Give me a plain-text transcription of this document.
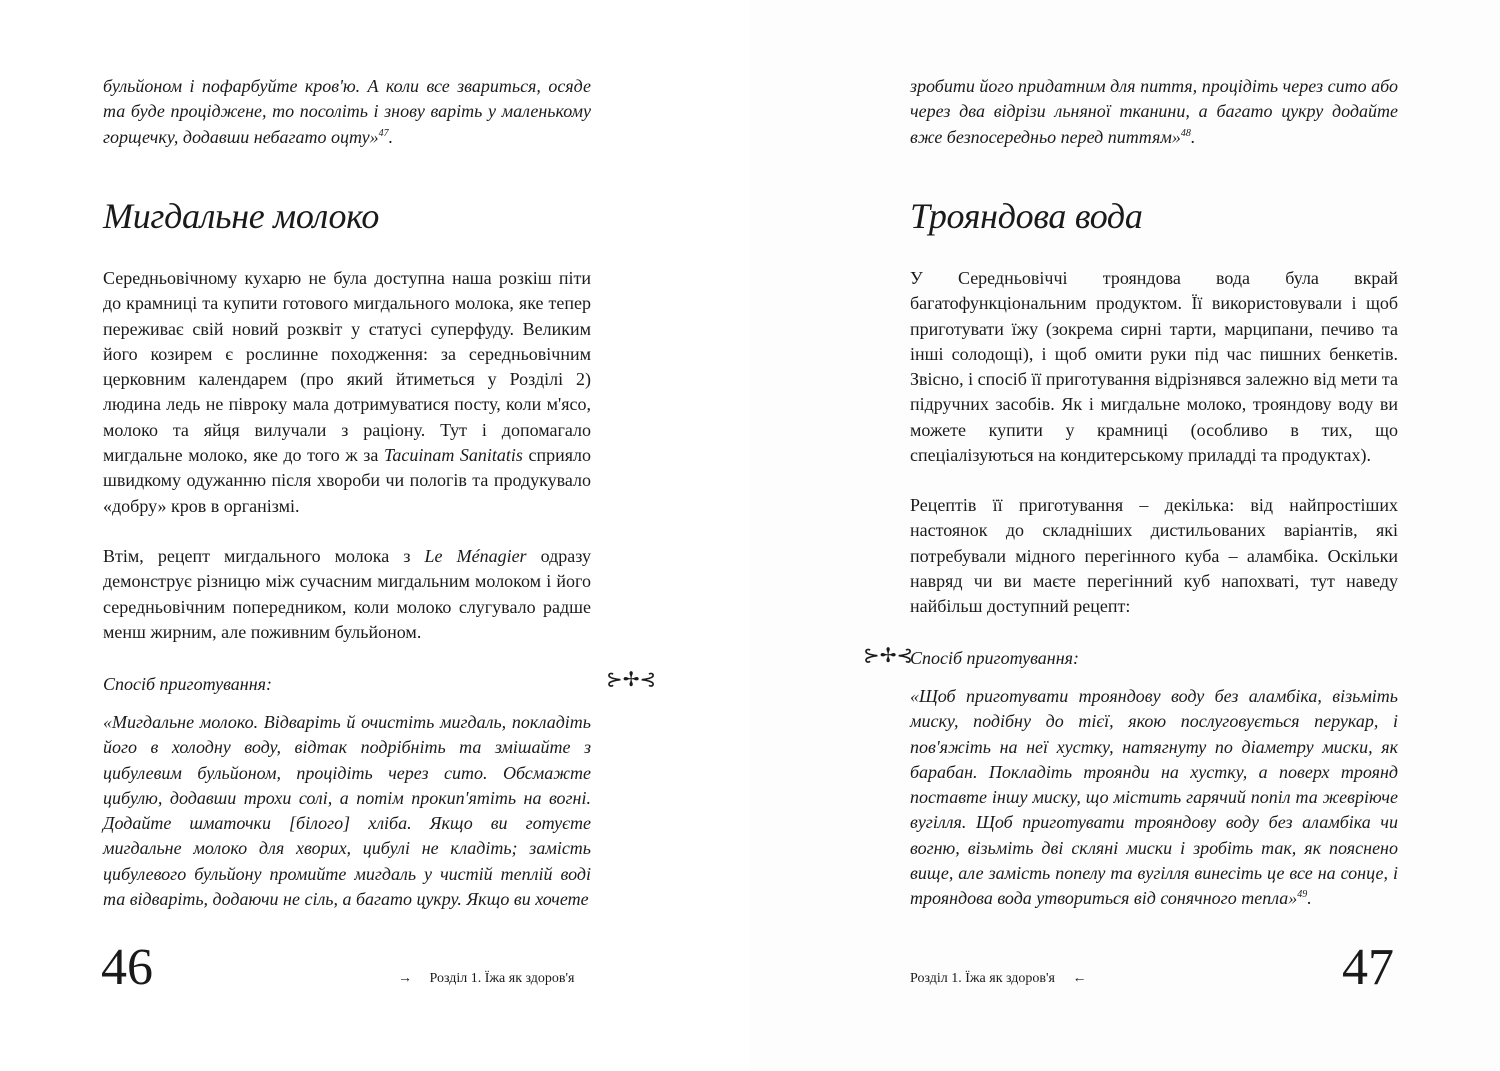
бульйоном і пофарбуйте кров'ю. А коли все звариться, осяде та буде проціджене, то посоліть і знову варіть у маленькому горщечку, додавши небагато оцту»$^{47}$.

Мигдальне молоко

Середньовічному кухарю не була доступна наша розкіш піти до крамниці та купити готового мигдального молока, яке тепер переживає свій новий розквіт у статусі суперфуду. Великим його козирем є рослинне походження: за середньовічним церковним календарем (про який йтиметься у Розділі 2) людина ледь не півроку мала дотримуватися посту, коли м'ясо, молоко та яйця вилучали з раціону. Тут і допомагало мигдальне молоко, яке до того ж за Tacuinam Sanitatis сприяло швидкому одужанню після хвороби чи пологів та продукувало «добру» кров в організмі.

Втім, рецепт мигдального молока з Le Ménagier одразу демонструє різницю між сучасним мигдальним молоком і його середньовічним попередником, коли молоко слугувало радше менш жирним, але поживним бульйоном.

Спосіб приготування:

«Мигдальне молоко. Відваріть й очистіть мигдаль, покладіть його в холодну воду, відтак подрібніть та змішайте з цибулевим бульйоном, процідіть через сито. Обсмажте цибулю, додавши трохи солі, а потім прокип'ятіть на вогні. Додайте шматочки [білого] хліба. Якщо ви готуєте мигдальне молоко для хворих, цибулі не кладіть; замість цибулевого бульйону промийте мигдаль у чистій теплій воді та відваріть, додаючи не сіль, а багато цукру. Якщо ви хочете

⊱✢⊰
46	→ Розділ 1. Їжа як здоров'я

зробити його придатним для пиття, процідіть через сито або через два відрізи льняної тканини, а багато цукру додайте вже безпосередньо перед питтям»$^{48}$.

Трояндова вода

У Середньовіччі трояндова вода була вкрай багатофункціональним продуктом. Її використовували і щоб приготувати їжу (зокрема сирні тарти, марципани, печиво та інші солодощі), і щоб омити руки під час пишних бенкетів. Звісно, і спосіб її приготування відрізнявся залежно від мети та підручних засобів. Як і мигдальне молоко, трояндову воду ви можете купити у крамниці (особливо в тих, що спеціалізуються на кондитерському приладді та продуктах).

Рецептів її приготування – декілька: від найпростіших настоянок до складніших дистильованих варіантів, які потребували мідного перегінного куба – аламбіка. Оскільки навряд чи ви маєте перегінний куб напохваті, тут наведу найбільш доступний рецепт:

Спосіб приготування:

«Щоб приготувати трояндову воду без аламбіка, візьміть миску, подібну до тієї, якою послуговується перукар, і пов'яжіть на неї хустку, натягнуту по діаметру миски, як барабан. Покладіть троянди на хустку, а поверх троянд поставте іншу миску, що містить гарячий попіл та жевріюче вугілля. Щоб приготувати трояндову воду без аламбіка чи вогню, візьміть дві скляні миски і зробіть так, як пояснено вище, але замість попелу та вугілля винесіть це все на сонце, і трояндова вода утвориться від сонячного тепла»$^{49}$.

⊱✢⊰
Розділ 1. Їжа як здоров'я ←	47
